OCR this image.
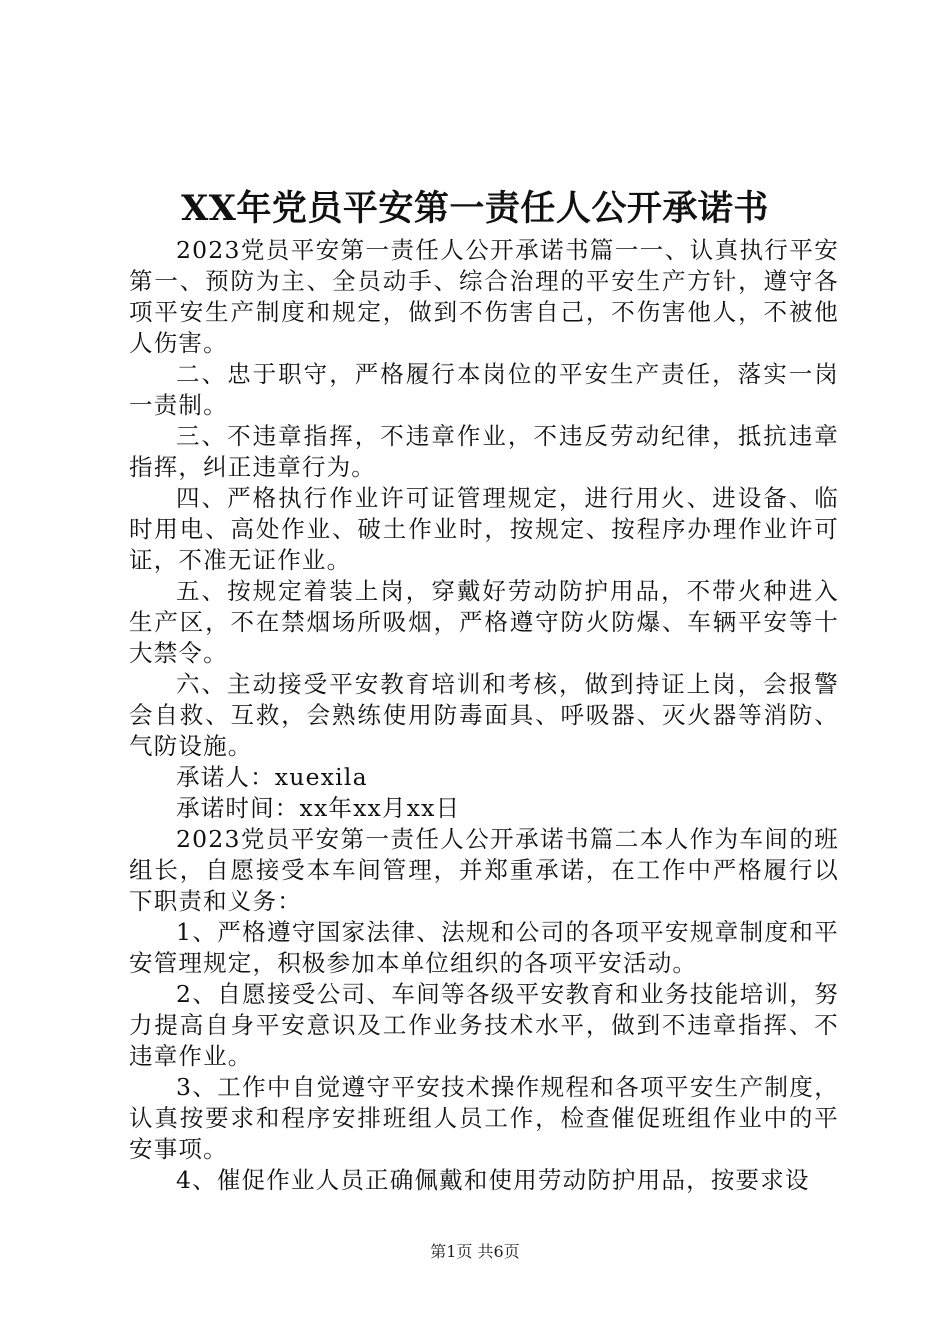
XX年党员平安第一责任人公开承诺书

2023党员平安第一责任人公开承诺书篇一一、认真执行平安第一、预防为主、全员动手、综合治理的平安生产方针，遵守各项平安生产制度和规定，做到不伤害自己，不伤害他人，不被他人伤害。

二、忠于职守，严格履行本岗位的平安生产责任，落实一岗一责制。

三、不违章指挥，不违章作业，不违反劳动纪律，抵抗违章指挥，纠正违章行为。

四、严格执行作业许可证管理规定，进行用火、进设备、临时用电、高处作业、破土作业时，按规定、按程序办理作业许可证，不准无证作业。

五、按规定着装上岗，穿戴好劳动防护用品，不带火种进入生产区，不在禁烟场所吸烟，严格遵守防火防爆、车辆平安等十大禁令。

六、主动接受平安教育培训和考核，做到持证上岗，会报警会自救、互救，会熟练使用防毒面具、呼吸器、灭火器等消防、气防设施。

承诺人：xuexila

承诺时间：xx年xx月xx日

2023党员平安第一责任人公开承诺书篇二本人作为车间的班组长，自愿接受本车间管理，并郑重承诺，在工作中严格履行以下职责和义务：

1、严格遵守国家法律、法规和公司的各项平安规章制度和平安管理规定，积极参加本单位组织的各项平安活动。

2、自愿接受公司、车间等各级平安教育和业务技能培训，努力提高自身平安意识及工作业务技术水平，做到不违章指挥、不违章作业。

3、工作中自觉遵守平安技术操作规程和各项平安生产制度，认真按要求和程序安排班组人员工作，检查催促班组作业中的平安事项。

4、催促作业人员正确佩戴和使用劳动防护用品，按要求设

第1页 共6页
